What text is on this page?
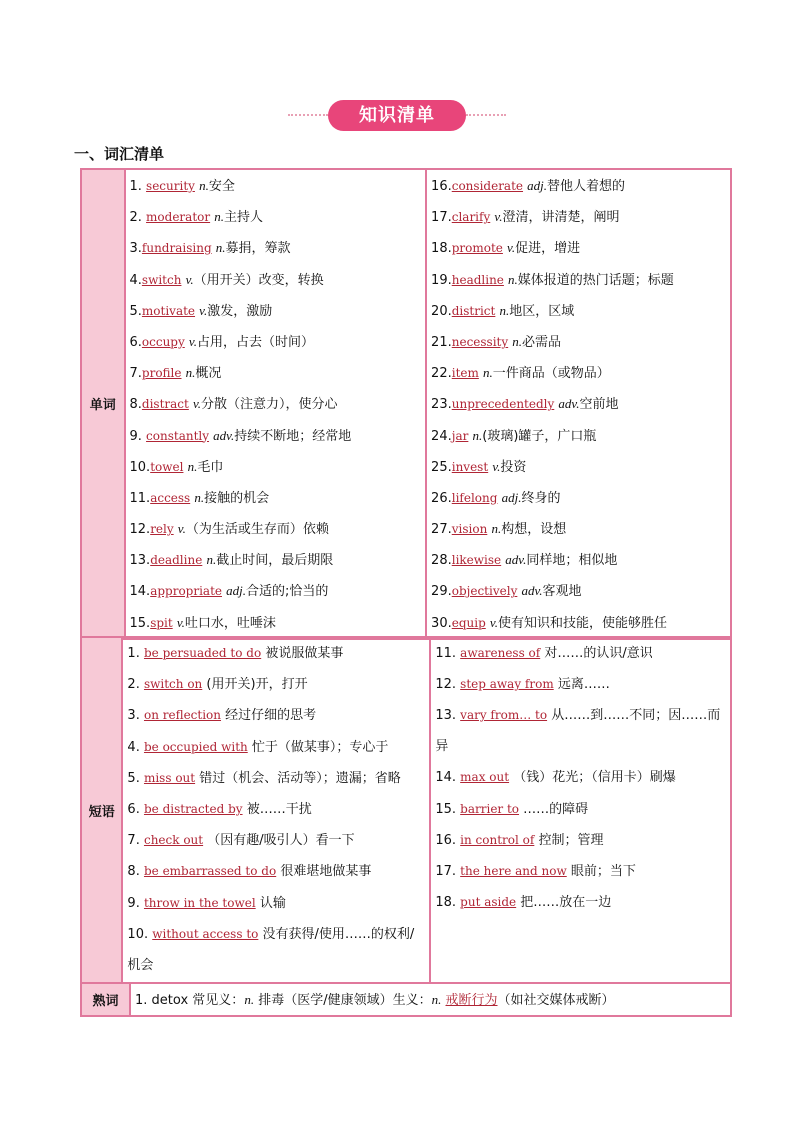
知识清单
一、词汇清单
单词	
1. security n.安全
2. moderator n.主持人
3.fundraising n.募捐，筹款
4.switch v.（用开关）改变，转换
5.motivate v.激发，激励
6.occupy v.占用，占去（时间）
7.profile n.概况
8.distract v.分散（注意力），使分心
9. constantly adv.持续不断地；经常地
10.towel n.毛巾
11.access n.接触的机会
12.rely v.（为生活或生存而）依赖
13.deadline n.截止时间，最后期限
14.appropriate adj.合适的;恰当的
15.spit v.吐口水，吐唾沫

16.considerate adj.替他人着想的
17.clarify v.澄清，讲清楚，阐明
18.promote v.促进，增进
19.headline n.媒体报道的热门话题；标题
20.district n.地区，区域
21.necessity n.必需品
22.item n.一件商品（或物品）
23.unprecedentedly adv.空前地
24.jar n.(玻璃)罐子，广口瓶
25.invest v.投资
26.lifelong adj.终身的
27.vision n.构想，设想
28.likewise adv.同样地；相似地
29.objectively adv.客观地
30.equip v.使有知识和技能，使能够胜任
短语	
1. be persuaded to do 被说服做某事
2. switch on (用开关)开，打开
3. on reflection 经过仔细的思考
4. be occupied with 忙于（做某事）；专心于
5. miss out 错过（机会、活动等）；遗漏；省略
6. be distracted by 被……干扰
7. check out （因有趣/吸引人）看一下
8. be embarrassed to do 很难堪地做某事
9. throw in the towel 认输
10. without access to 没有获得/使用……的权利/机会

11. awareness of 对……的认识/意识
12. step away from 远离……
13. vary from… to 从……到……不同；因……而异
14. max out （钱）花光；（信用卡）刷爆
15. barrier to ……的障碍
16. in control of 控制；管理
17. the here and now 眼前；当下
18. put aside 把……放在一边
熟词	1. detox 常见义：n. 排毒（医学/健康领域）生义：n. 戒断行为（如社交媒体戒断）
